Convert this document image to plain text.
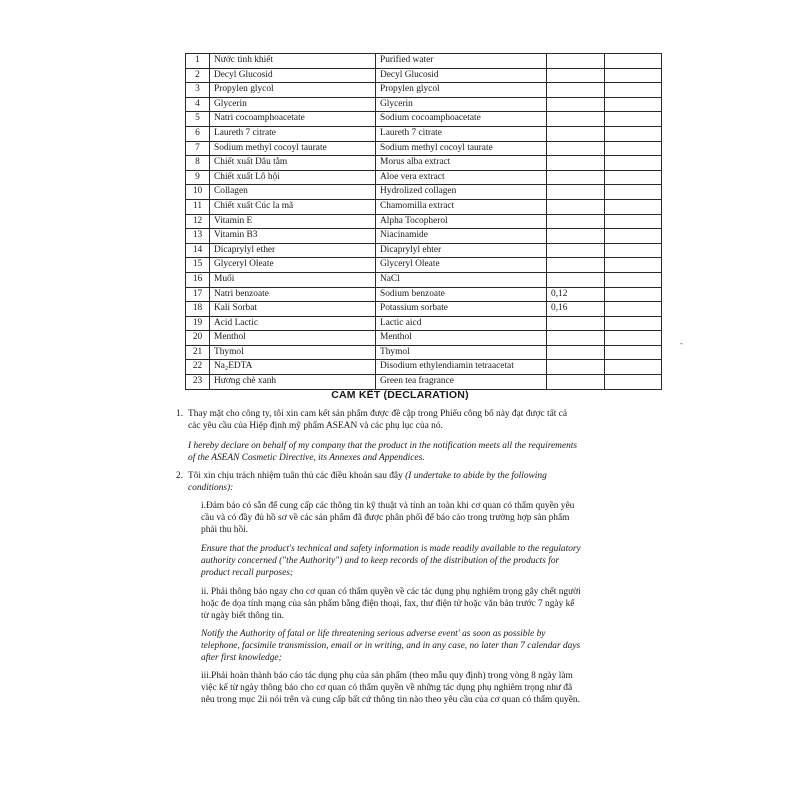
1	Nước tinh khiết	Purified water		
2	Decyl Glucosid	Decyl Glucosid		
3	Propylen glycol	Propylen glycol		
4	Glycerin	Glycerin		
5	Natri cocoamphoacetate	Sodium cocoamphoacetate		
6	Laureth 7 citrate	Laureth 7 citrate		
7	Sodium methyl cocoyl taurate	Sodium methyl cocoyl taurate		
8	Chiết xuất Dâu tằm	Morus alba extract		
9	Chiết xuất Lô hội	Aloe vera extract		
10	Collagen	Hydrolized collagen		
11	Chiết xuất Cúc la mã	Chamomilla extract		
12	Vitamin E	Alpha Tocopherol		
13	Vitamin B3	Niacinamide		
14	Dicaprylyl ether	Dicaprylyl ehter		
15	Glyceryl Oleate	Glyceryl Oleate		
16	Muối	NaCl		
17	Natri benzoate	Sodium benzoate	0,12	
18	Kali Sorbat	Potassium sorbate	0,16	
19	Acid Lactic	Lactic aicd		
20	Menthol	Menthol		
21	Thymol	Thymol		
22	Na₂EDTA	Disodium ethylendiamin tetraacetat		
23	Hương chè xanh	Green tea fragrance		
-
CAM KẾT (DECLARATION)
1. Thay mặt cho công ty, tôi xin cam kết sản phẩm được đề cập trong Phiếu công bố này đạt được tất cả
các yêu cầu của Hiệp định mỹ phẩm ASEAN và các phụ lục của nó.
I hereby declare on behalf of my company that the product in the notification meets all the requirements
of the ASEAN Cosmetic Directive, its Annexes and Appendices.
2. Tôi xin chịu trách nhiệm tuân thủ các điều khoản sau đây (I undertake to abide by the following
conditions):
i.Đảm bảo có sẵn để cung cấp các thông tin kỹ thuật và tính an toàn khi cơ quan có thẩm quyền yêu
cầu và có đầy đủ hồ sơ về các sản phẩm đã được phân phối để báo cáo trong trường hợp sản phẩm
phải thu hồi.
Ensure that the product's technical and safety information is made readily available to the regulatory
authority concerned ("the Authority") and to keep records of the distribution of the products for
product recall purposes;
ii. Phải thông báo ngay cho cơ quan có thẩm quyền về các tác dụng phụ nghiêm trọng gây chết người
hoặc đe dọa tính mạng của sản phẩm bằng điện thoại, fax, thư điện tử hoặc văn bản trước 7 ngày kể
từ ngày biết thông tin.
Notify the Authority of fatal or life threatening serious adverse event' as soon as possible by
telephone, facsimile transmission, email or in writing, and in any case, no later than 7 calendar days
after first knowledge;
iii.Phải hoàn thành báo cáo tác dụng phụ của sản phẩm (theo mẫu quy định) trong vòng 8 ngày làm
việc kể từ ngày thông báo cho cơ quan có thẩm quyền về những tác dụng phụ nghiêm trọng như đã
nêu trong mục 2ii nói trên và cung cấp bất cứ thông tin nào theo yêu cầu của cơ quan có thẩm quyền.
